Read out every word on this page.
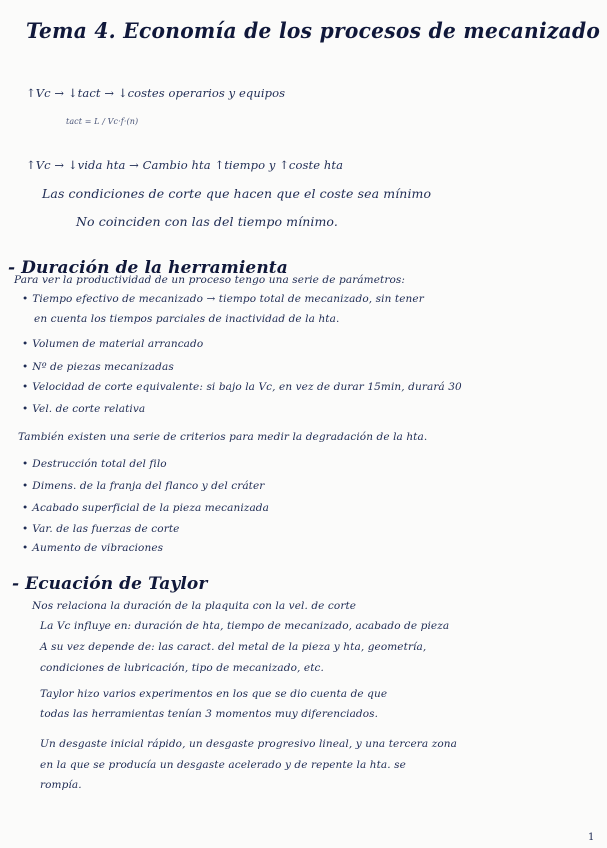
Tema 4. Economía de los procesos de mecanizado
↑Vc → ↓tact → ↓costes operarios y equipos
tact = L / Vc·f·(n)
↑Vc → ↓vida hta → Cambio hta ↑tiempo y ↑coste hta
Las condiciones de corte que hacen que el coste sea mínimo
No coinciden con las del tiempo mínimo.
- Duración de la herramienta
Para ver la productividad de un proceso tengo una serie de parámetros:
• Tiempo efectivo de mecanizado → tiempo total de mecanizado, sin tener
en cuenta los tiempos parciales de inactividad de la hta.
• Volumen de material arrancado
• Nº de piezas mecanizadas
• Velocidad de corte equivalente: si bajo la Vc, en vez de durar 15min, durará 30
• Vel. de corte relativa
También existen una serie de criterios para medir la degradación de la hta.
• Destrucción total del filo
• Dimens. de la franja del flanco y del cráter
• Acabado superficial de la pieza mecanizada
• Var. de las fuerzas de corte
• Aumento de vibraciones
- Ecuación de Taylor
Nos relaciona la duración de la plaquita con la vel. de corte
La Vc influye en: duración de hta, tiempo de mecanizado, acabado de pieza
A su vez depende de: las caract. del metal de la pieza y hta, geometría,
condiciones de lubricación, tipo de mecanizado, etc.
Taylor hizo varios experimentos en los que se dio cuenta de que
todas las herramientas tenían 3 momentos muy diferenciados.
Un desgaste inicial rápido, un desgaste progresivo lineal, y una tercera zona
en la que se producía un desgaste acelerado y de repente la hta. se
rompía.
1
